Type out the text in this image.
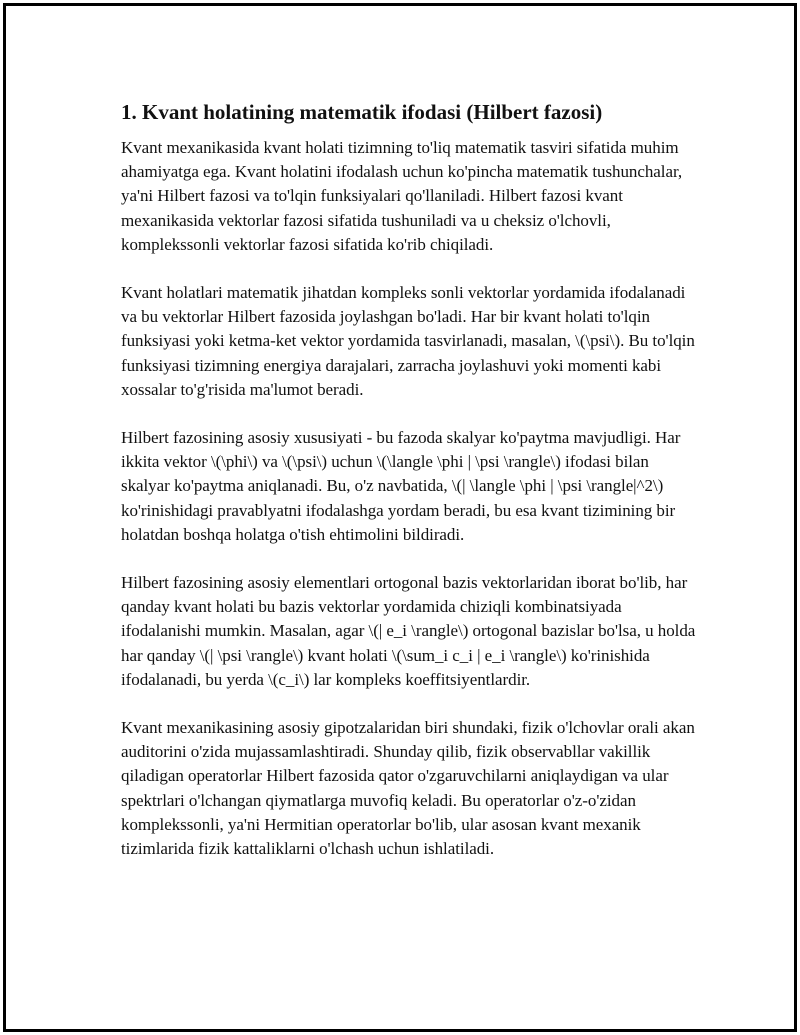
1. Kvant holatining matematik ifodasi (Hilbert fazosi)

Kvant mexanikasida kvant holati tizimning to'liq matematik tasviri sifatida muhim ahamiyatga ega. Kvant holatini ifodalash uchun ko'pincha matematik tushunchalar, ya'ni Hilbert fazosi va to'lqin funksiyalari qo'llaniladi. Hilbert fazosi kvant mexanikasida vektorlar fazosi sifatida tushuniladi va u cheksiz o'lchovli, komplekssonli vektorlar fazosi sifatida ko'rib chiqiladi.

Kvant holatlari matematik jihatdan kompleks sonli vektorlar yordamida ifodalanadi va bu vektorlar Hilbert fazosida joylashgan bo'ladi. Har bir kvant holati to'lqin funksiyasi yoki ketma-ket vektor yordamida tasvirlanadi, masalan, \(\psi\). Bu to'lqin funksiyasi tizimning energiya darajalari, zarracha joylashuvi yoki momenti kabi xossalar to'g'risida ma'lumot beradi.

Hilbert fazosining asosiy xususiyati - bu fazoda skalyar ko'paytma mavjudligi. Har ikkita vektor \(\phi\) va \(\psi\) uchun \(\langle \phi | \psi \rangle\) ifodasi bilan skalyar ko'paytma aniqlanadi. Bu, o'z navbatida, \(| \langle \phi | \psi \rangle|^2\) ko'rinishidagi pravablyatni ifodalashga yordam beradi, bu esa kvant tizimining bir holatdan boshqa holatga o'tish ehtimolini bildiradi.

Hilbert fazosining asosiy elementlari ortogonal bazis vektorlaridan iborat bo'lib, har qanday kvant holati bu bazis vektorlar yordamida chiziqli kombinatsiyada ifodalanishi mumkin. Masalan, agar \(| e_i \rangle\) ortogonal bazislar bo'lsa, u holda har qanday \(| \psi \rangle\) kvant holati \(\sum_i c_i | e_i \rangle\) ko'rinishida ifodalanadi, bu yerda \(c_i\) lar kompleks koeffitsiyentlardir.

Kvant mexanikasining asosiy gipotzalaridan biri shundaki, fizik o'lchovlar orali akan auditorini o'zida mujassamlashtiradi. Shunday qilib, fizik observabllar vakillik qiladigan operatorlar Hilbert fazosida qator o'zgaruvchilarni aniqlaydigan va ular spektrlari o'lchangan qiymatlarga muvofiq keladi. Bu operatorlar o'z-o'zidan komplekssonli, ya'ni Hermitian operatorlar bo'lib, ular asosan kvant mexanik tizimlarida fizik kattaliklarni o'lchash uchun ishlatiladi.
